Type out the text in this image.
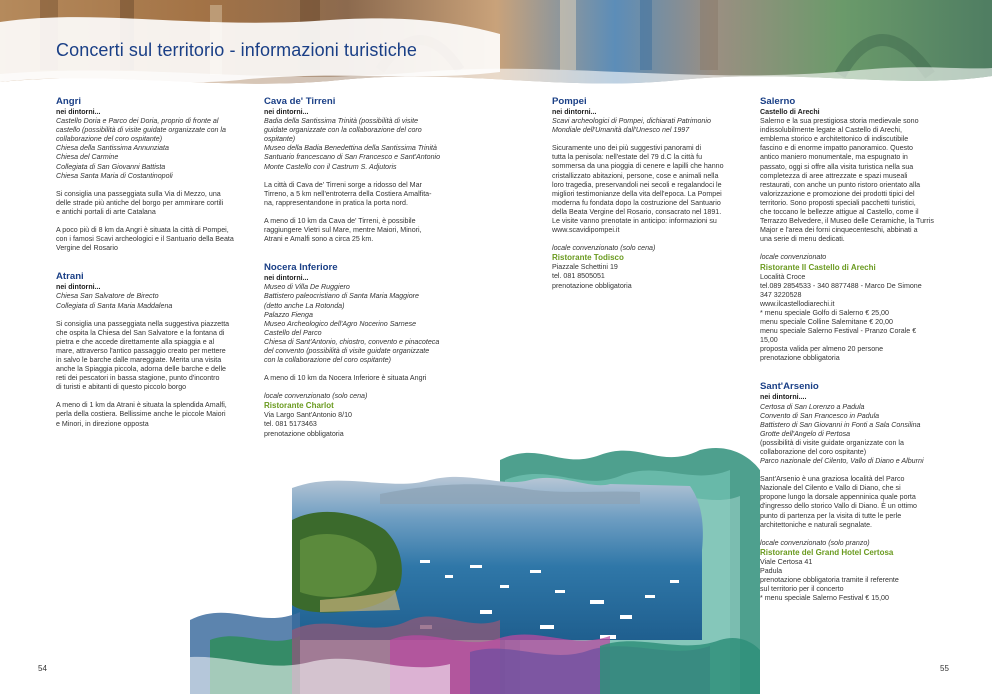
Concerti sul territorio - informazioni turistiche

Angri

nei dintorni...

Castello Doria e Parco dei Doria, proprio di fronte al

castello (possibilità di visite guidate organizzate con la

collaborazione del coro ospitante)

Chiesa della Santissima Annunziata

Chiesa del Carmine

Collegiata di San Giovanni Battista

Chiesa Santa Maria di Costantinopoli

Si consiglia una passeggiata sulla Via di Mezzo, una

delle strade più antiche del borgo per ammirare cortili

e antichi portali di arte Catalana

A poco più di 8 km da Angri è situata la città di Pompei,

con i famosi Scavi archeologici e il Santuario della Beata

Vergine del Rosario

Atrani

nei dintorni...

Chiesa San Salvatore de Birecto

Collegiata di Santa Maria Maddalena

Si consiglia una passeggiata nella suggestiva piazzetta

che ospita la Chiesa del San Salvatore e la fontana di

pietra e che accede direttamente alla spiaggia e al

mare, attraverso l'antico passaggio creato per mettere

in salvo le barche dalle mareggiate. Merita una visita

anche la Spiaggia piccola, adorna delle barche e delle

reti dei pescatori in bassa stagione, punto d'incontro

di turisti e abitanti di questo piccolo borgo

A meno di 1 km da Atrani è situata la splendida Amalfi,

perla della costiera. Bellissime anche le piccole Maiori

e Minori, in direzione opposta

Cava de' Tirreni

nei dintorni...

Badia della Santissima Trinità (possibilità di visite

guidate organizzate con la collaborazione del coro

ospitante)

Museo della Badia Benedettina della Santissima Trinità

Santuario francescano di San Francesco e Sant'Antonio

Monte Castello con il Castrum S. Adjutoris

La città di Cava de' Tirreni sorge a ridosso del Mar

Tirreno, a 5 km nell'entroterra della Costiera Amalfita-

na, rappresentandone in pratica la porta nord.

A meno di 10 km da Cava de' Tirreni, è possibile

raggiungere Vietri sul Mare, mentre Maiori, Minori,

Atrani e Amalfi sono a circa 25 km.

Nocera Inferiore

nei dintorni...

Museo di Villa De Ruggiero

Battistero paleocristiano di Santa Maria Maggiore

(detto anche La Rotonda)

Palazzo Fienga

Museo Archeologico dell'Agro Nocerino Sarnese

Castello del Parco

Chiesa di Sant'Antonio, chiostro, convento e pinacoteca

del convento (possibilità di visite guidate organizzate

con la collaborazione del coro ospitante)

A meno di 10 km da Nocera Inferiore è situata Angri

locale convenzionato (solo cena)

Ristorante Charlot

Via Largo Sant'Antonio 8/10

tel. 081 5173463

prenotazione obbligatoria

Pompei

nei dintorni...

Scavi archeologici di Pompei, dichiarati Patrimonio

Mondiale dell'Umanità dall'Unesco nel 1997

Sicuramente uno dei più suggestivi panorami di

tutta la penisola: nell'estate del 79 d.C la città fu

sommersa da una pioggia di cenere e lapilli che hanno

cristallizzato abitazioni, persone, cose e animali nella

loro tragedia, preservandoli nei secoli e regalandoci le

migliori testimonianze della vita dell'epoca. La Pompei

moderna fu fondata dopo la costruzione del Santuario

della Beata Vergine del Rosario, consacrato nel 1891.

Le visite vanno prenotate in anticipo: informazioni su

www.scavidipompei.it

locale convenzionato (solo cena)

Ristorante Todisco

Piazzale Schettini 19

tel. 081 8505051

prenotazione obbligatoria

Salerno

Castello di Arechi

Salerno e la sua prestigiosa storia medievale sono

indissolubilmente legate al Castello di Arechi,

emblema storico e architettonico di indiscutibile

fascino e di enorme impatto panoramico. Questo

antico maniero monumentale, ma espugnato in

passato, oggi si offre alla visita turistica nella sua

completezza di aree attrezzate e spazi museali

restaurati, con anche un punto ristoro orientato alla

valorizzazione e promozione dei prodotti tipici del

territorio. Sono proposti speciali pacchetti turistici,

che toccano le bellezze attigue al Castello, come il

Terrazzo Belvedere, il Museo delle Ceramiche, la Turris

Major e l'area dei forni cinquecenteschi, abbinati a

una serie di menu dedicati.

locale convenzionato

Ristorante Il Castello di Arechi

Località Croce

tel.089 2854533 - 340 8877488 - Marco De Simone

347 3220528

www.ilcastellodiarechi.it

* menu speciale Golfo di Salerno € 25,00

menu speciale Colline Salernitane € 20,00

menu speciale Salerno Festival - Pranzo Corale €

15,00

proposta valida per almeno 20 persone

prenotazione obbligatoria

Sant'Arsenio

nei dintorni....

Certosa di San Lorenzo a Padula

Convento di San Francesco in Padula

Battistero di San Giovanni in Fonti a Sala Consilina

Grotte dell'Angelo di Pertosa

(possibilità di visite guidate organizzate con la

collaborazione del coro ospitante)

Parco nazionale del Cilento, Vallo di Diano e Alburni

Sant'Arsenio è una graziosa località del Parco

Nazionale del Cilento e Vallo di Diano, che si

propone lungo la dorsale appenninica quale porta

d'ingresso dello storico Vallo di Diano. È un ottimo

punto di partenza per la visita di tutte le perle

architettoniche e naturali segnalate.

locale convenzionato (solo pranzo)

Ristorante del Grand Hotel Certosa

Viale Certosa 41

Padula

prenotazione obbligatoria tramite il referente

sul territorio per il concerto

* menu speciale Salerno Festival € 15,00

54	55
